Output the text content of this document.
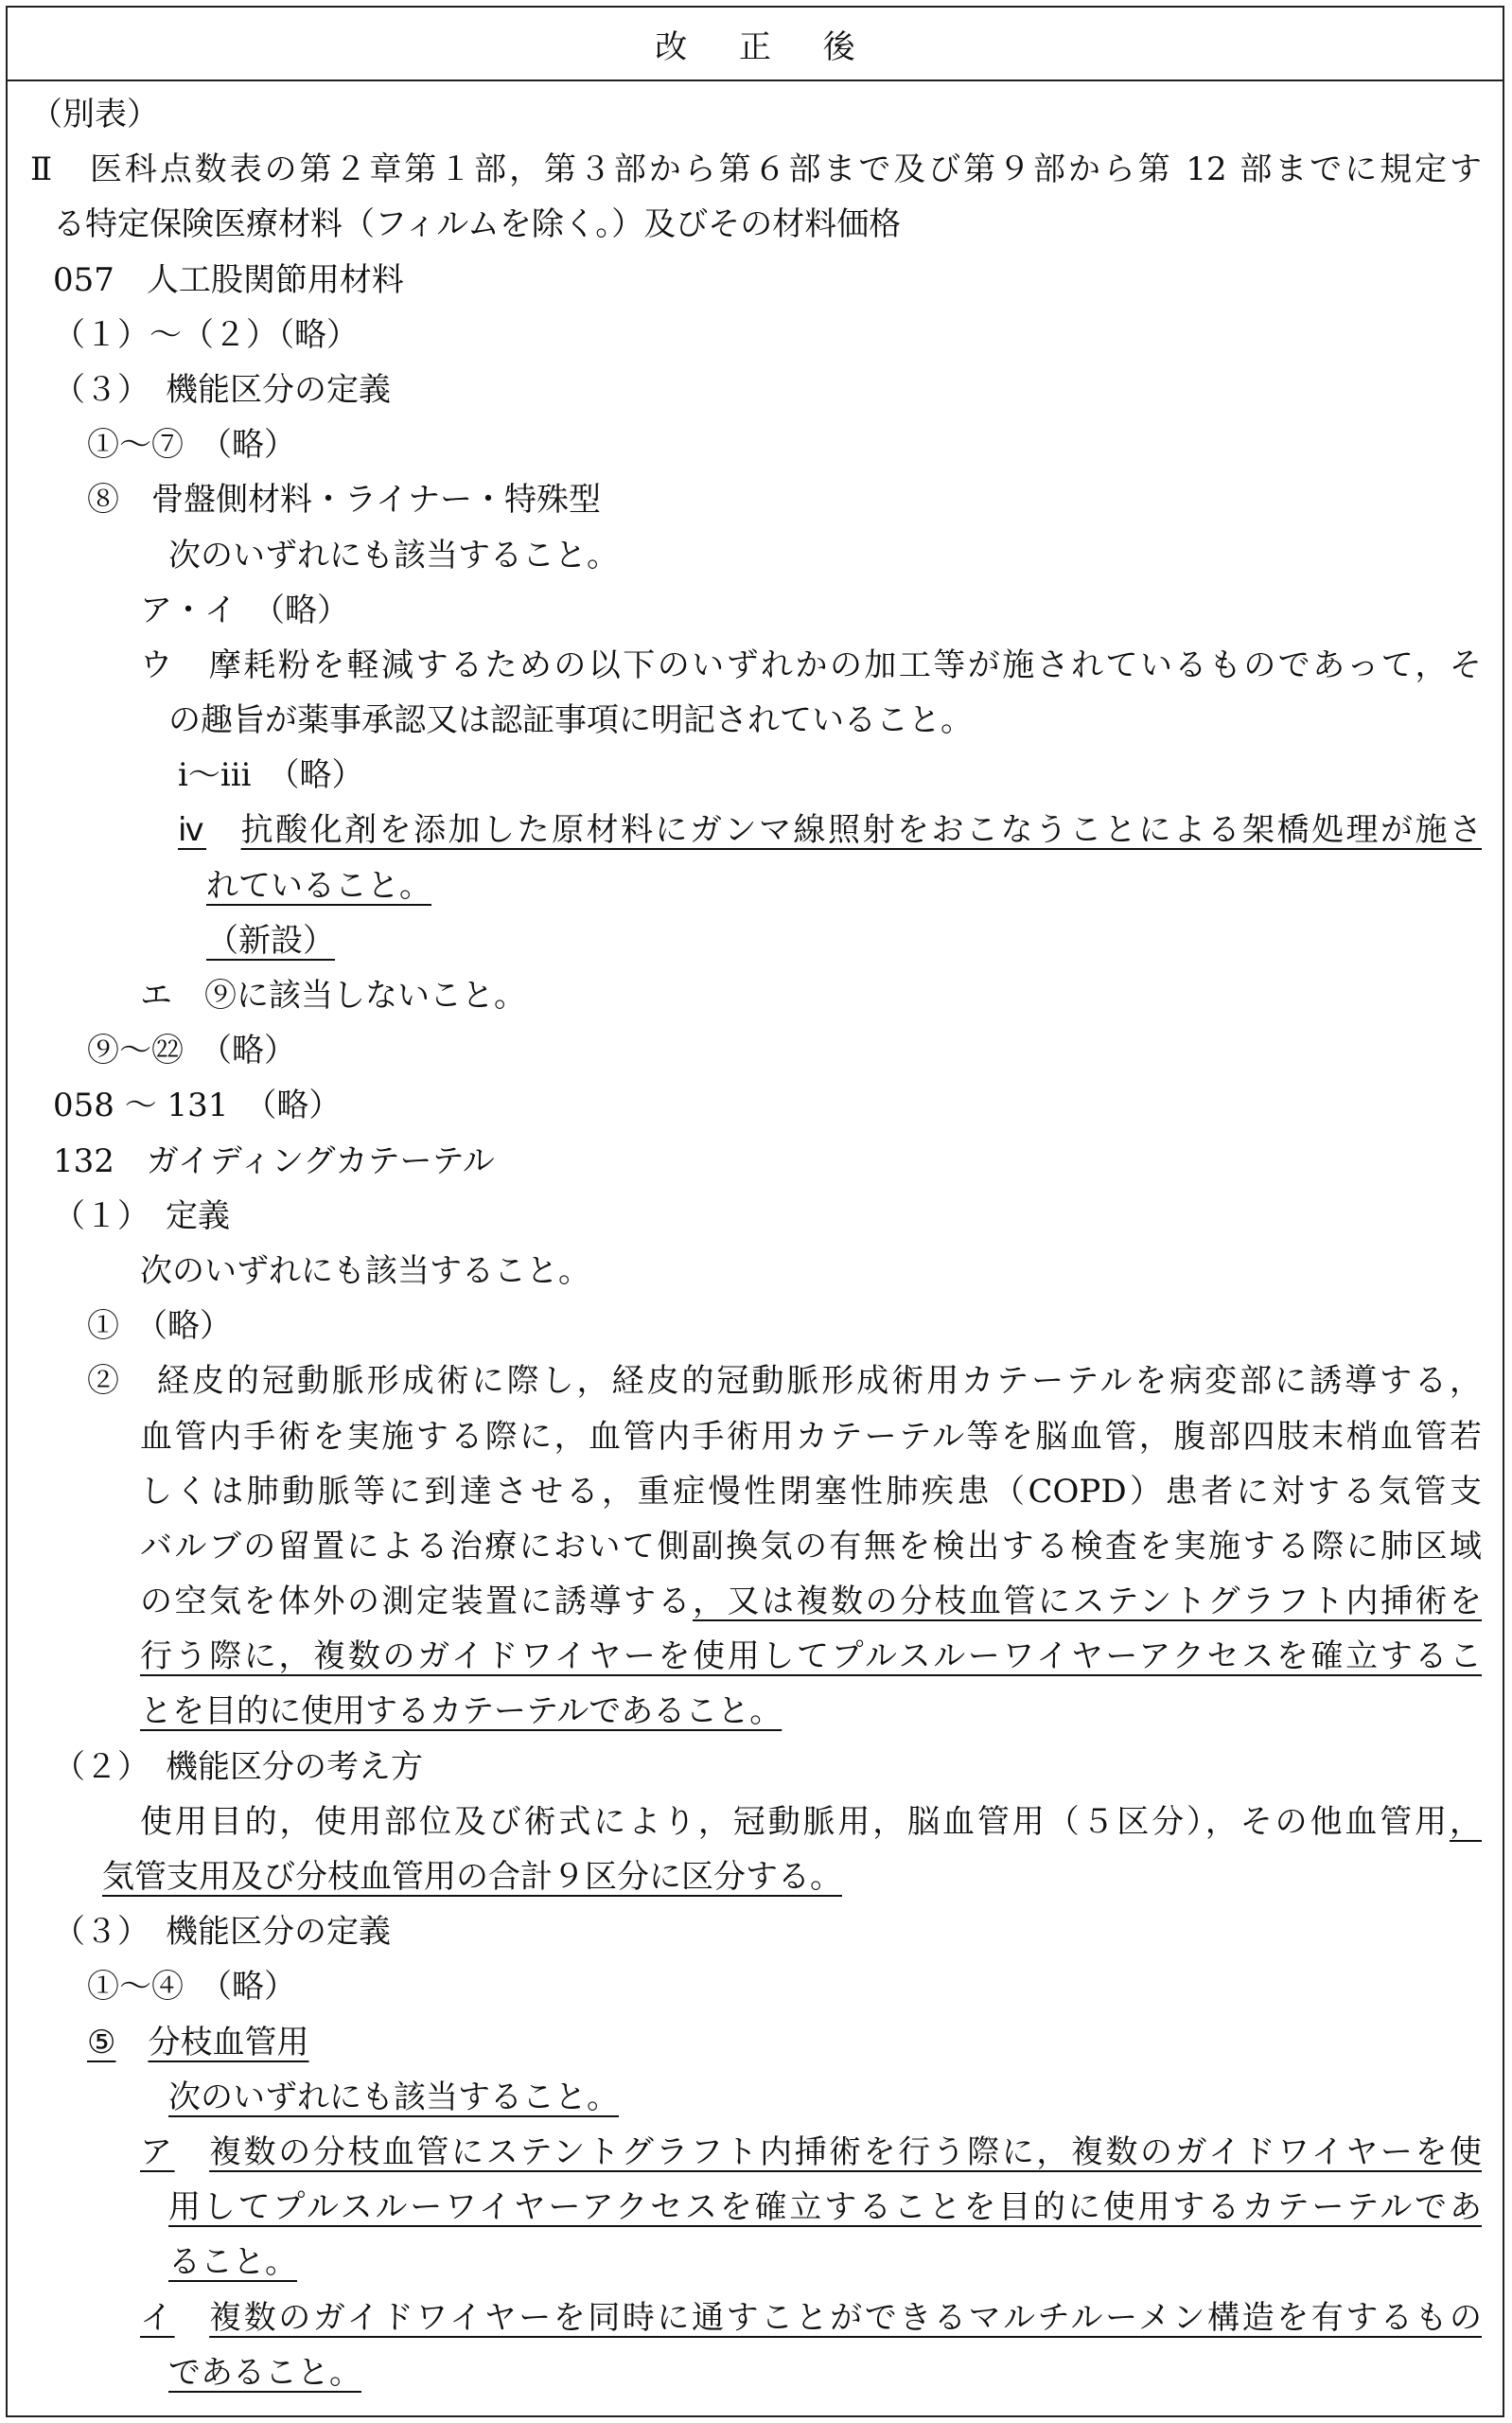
改 正 後
（別表）
Ⅱ　医科点数表の第２章第１部，第３部から第６部まで及び第９部から第 12 部までに規定す
る特定保険医療材料（フィルムを除く。）及びその材料価格
057　人工股関節用材料
（１）～（２）（略）
（３）　機能区分の定義
①～⑦　（略）
⑧　骨盤側材料・ライナー・特殊型
次のいずれにも該当すること。
ア・イ　（略）
ウ　摩耗粉を軽減するための以下のいずれかの加工等が施されているものであって，そ
の趣旨が薬事承認又は認証事項に明記されていること。
ⅰ～ⅲ　（略）
ⅳ　 抗酸化剤を添加した原材料にガンマ線照射をおこなうことによる架橋処理が施さ
れていること。
（新設）
エ　⑨に該当しないこと。
⑨～㉒　（略）
058 ～ 131　（略）
132　ガイディングカテーテル
（１）　定義
次のいずれにも該当すること。
①　（略）
②　経皮的冠動脈形成術に際し，経皮的冠動脈形成術用カテーテルを病変部に誘導する，
血管内手術を実施する際に，血管内手術用カテーテル等を脳血管，腹部四肢末梢血管若
しくは肺動脈等に到達させる，重症慢性閉塞性肺疾患（COPD）患者に対する気管支
バルブの留置による治療において側副換気の有無を検出する検査を実施する際に肺区域
の空気を体外の測定装置に誘導する，又は複数の分枝血管にステントグラフト内挿術を
行う際に，複数のガイドワイヤーを使用してプルスルーワイヤーアクセスを確立するこ
とを目的に使用するカテーテルであること。
（２）　機能区分の考え方
使用目的，使用部位及び術式により，冠動脈用，脳血管用（５区分），その他血管用，
気管支用及び分枝血管用の合計９区分に区分する。
（３）　機能区分の定義
①～④　（略）
⑤　 分枝血管用
次のいずれにも該当すること。
ア　 複数の分枝血管にステントグラフト内挿術を行う際に，複数のガイドワイヤーを使
用してプルスルーワイヤーアクセスを確立することを目的に使用するカテーテルであ
ること。
イ　 複数のガイドワイヤーを同時に通すことができるマルチルーメン構造を有するもの
であること。
